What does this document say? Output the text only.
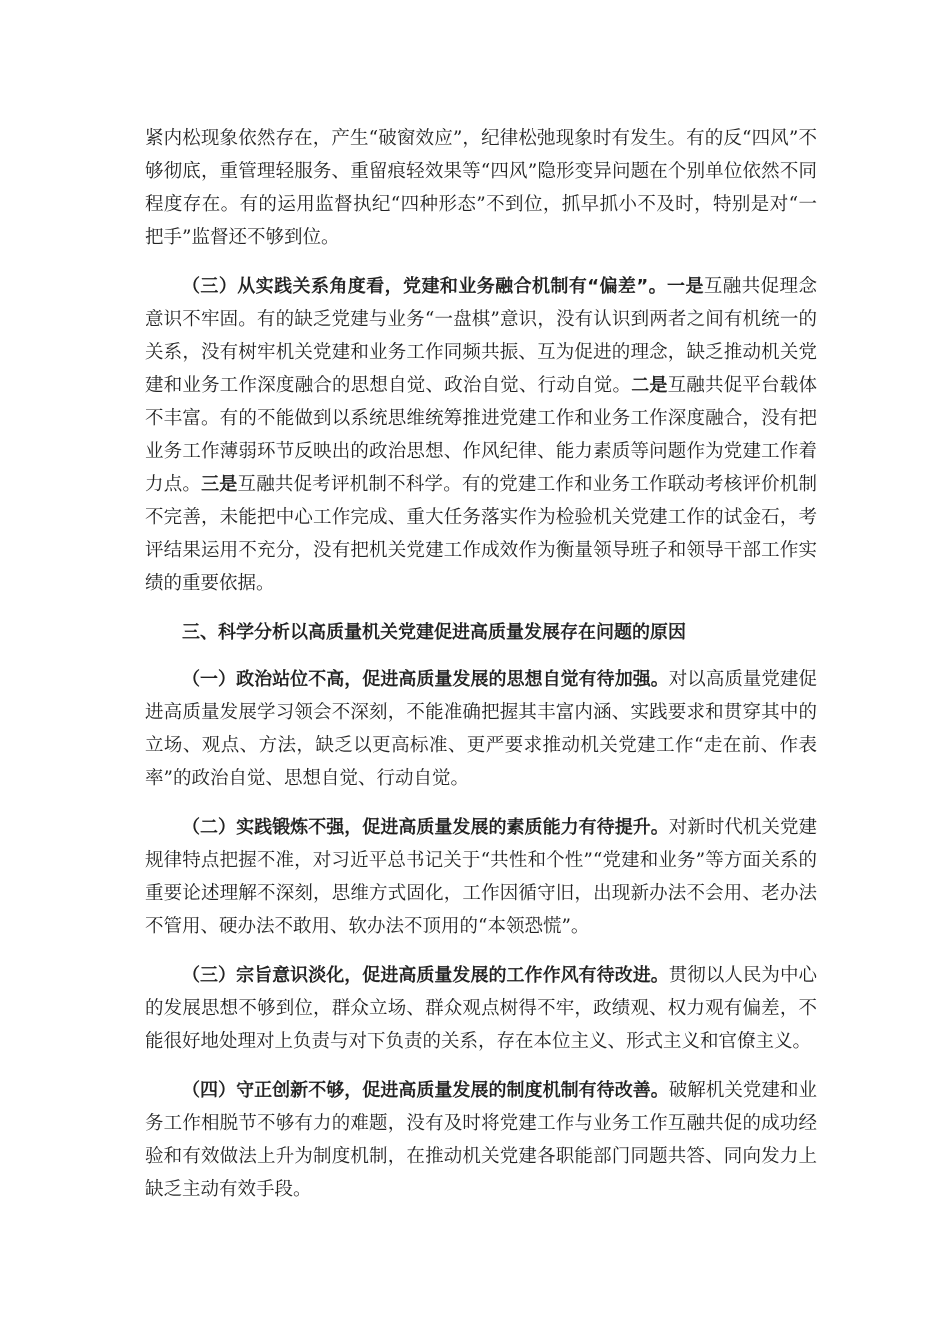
紧内松现象依然存在，产生“破窗效应”，纪律松弛现象时有发生。有的反“四风”不够彻底，重管理轻服务、重留痕轻效果等“四风”隐形变异问题在个别单位依然不同程度存在。有的运用监督执纪“四种形态”不到位，抓早抓小不及时，特别是对“一把手”监督还不够到位。

（三）从实践关系角度看，党建和业务融合机制有“偏差”。一是互融共促理念意识不牢固。有的缺乏党建与业务“一盘棋”意识，没有认识到两者之间有机统一的关系，没有树牢机关党建和业务工作同频共振、互为促进的理念，缺乏推动机关党建和业务工作深度融合的思想自觉、政治自觉、行动自觉。二是互融共促平台载体不丰富。有的不能做到以系统思维统筹推进党建工作和业务工作深度融合，没有把业务工作薄弱环节反映出的政治思想、作风纪律、能力素质等问题作为党建工作着力点。三是互融共促考评机制不科学。有的党建工作和业务工作联动考核评价机制不完善，未能把中心工作完成、重大任务落实作为检验机关党建工作的试金石，考评结果运用不充分，没有把机关党建工作成效作为衡量领导班子和领导干部工作实绩的重要依据。

三、科学分析以高质量机关党建促进高质量发展存在问题的原因

（一）政治站位不高，促进高质量发展的思想自觉有待加强。对以高质量党建促进高质量发展学习领会不深刻，不能准确把握其丰富内涵、实践要求和贯穿其中的立场、观点、方法，缺乏以更高标准、更严要求推动机关党建工作“走在前、作表率”的政治自觉、思想自觉、行动自觉。

（二）实践锻炼不强，促进高质量发展的素质能力有待提升。对新时代机关党建规律特点把握不准，对习近平总书记关于“共性和个性”“党建和业务”等方面关系的重要论述理解不深刻，思维方式固化，工作因循守旧，出现新办法不会用、老办法不管用、硬办法不敢用、软办法不顶用的“本领恐慌”。

（三）宗旨意识淡化，促进高质量发展的工作作风有待改进。贯彻以人民为中心的发展思想不够到位，群众立场、群众观点树得不牢，政绩观、权力观有偏差，不能很好地处理对上负责与对下负责的关系，存在本位主义、形式主义和官僚主义。

（四）守正创新不够，促进高质量发展的制度机制有待改善。破解机关党建和业务工作相脱节不够有力的难题，没有及时将党建工作与业务工作互融共促的成功经验和有效做法上升为制度机制，在推动机关党建各职能部门同题共答、同向发力上缺乏主动有效手段。
